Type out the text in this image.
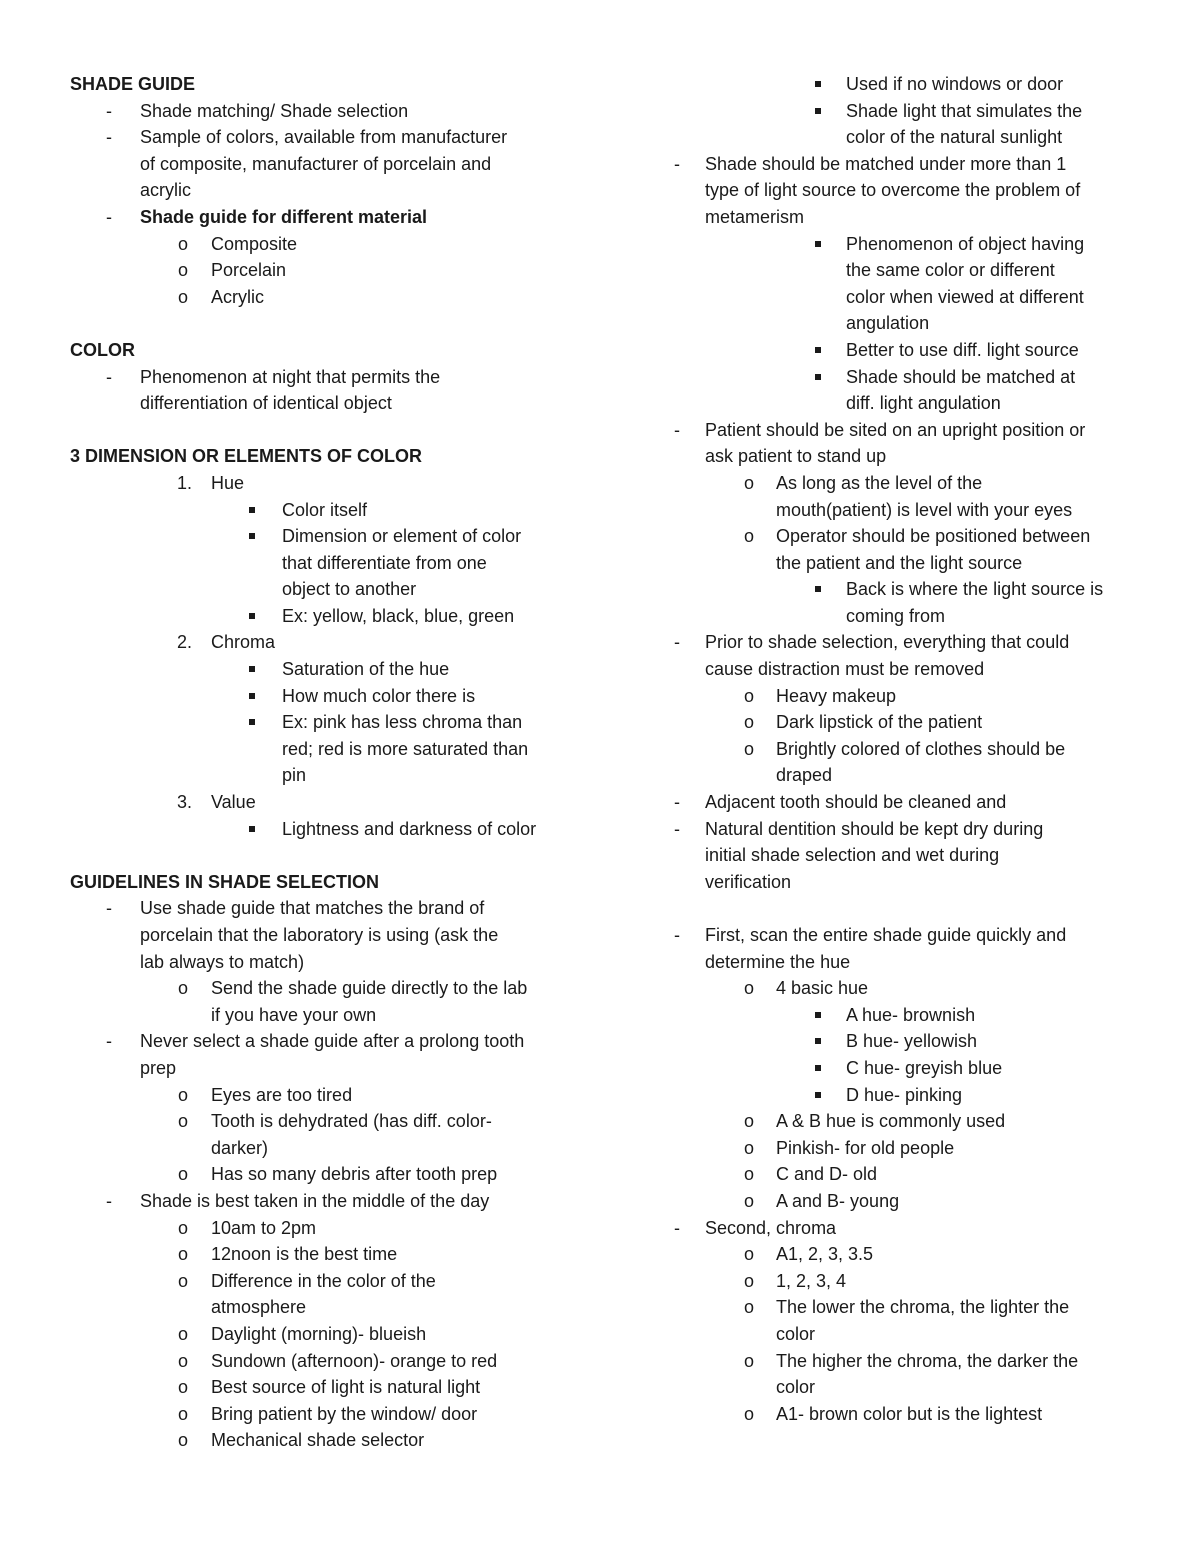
SHADE GUIDE
- Shade matching/ Shade selection
- Sample of colors, available from manufacturer
of composite, manufacturer of porcelain and
acrylic
- Shade guide for different material
o Composite
o Porcelain
o Acrylic
COLOR
- Phenomenon at night that permits the
differentiation of identical object
3 DIMENSION OR ELEMENTS OF COLOR
1. Hue
Color itself
Dimension or element of color
that differentiate from one
object to another
Ex: yellow, black, blue, green
2. Chroma
Saturation of the hue
How much color there is
Ex: pink has less chroma than
red; red is more saturated than
pin
3. Value
Lightness and darkness of color
GUIDELINES IN SHADE SELECTION
- Use shade guide that matches the brand of
porcelain that the laboratory is using (ask the
lab always to match)
o Send the shade guide directly to the lab
if you have your own
- Never select a shade guide after a prolong tooth
prep
o Eyes are too tired
o Tooth is dehydrated (has diff. color-
darker)
o Has so many debris after tooth prep
- Shade is best taken in the middle of the day
o 10am to 2pm
o 12noon is the best time
o Difference in the color of the
atmosphere
o Daylight (morning)- blueish
o Sundown (afternoon)- orange to red
o Best source of light is natural light
o Bring patient by the window/ door
o Mechanical shade selector
Used if no windows or door
Shade light that simulates the
color of the natural sunlight
- Shade should be matched under more than 1
type of light source to overcome the problem of
metamerism
Phenomenon of object having
the same color or different
color when viewed at different
angulation
Better to use diff. light source
Shade should be matched at
diff. light angulation
- Patient should be sited on an upright position or
ask patient to stand up
o As long as the level of the
mouth(patient) is level with your eyes
o Operator should be positioned between
the patient and the light source
Back is where the light source is
coming from
- Prior to shade selection, everything that could
cause distraction must be removed
o Heavy makeup
o Dark lipstick of the patient
o Brightly colored of clothes should be
draped
- Adjacent tooth should be cleaned and
- Natural dentition should be kept dry during
initial shade selection and wet during
verification
- First, scan the entire shade guide quickly and
determine the hue
o 4 basic hue
A hue- brownish
B hue- yellowish
C hue- greyish blue
D hue- pinking
o A & B hue is commonly used
o Pinkish- for old people
o C and D- old
o A and B- young
- Second, chroma
o A1, 2, 3, 3.5
o 1, 2, 3, 4
o The lower the chroma, the lighter the
color
o The higher the chroma, the darker the
color
o A1- brown color but is the lightest
